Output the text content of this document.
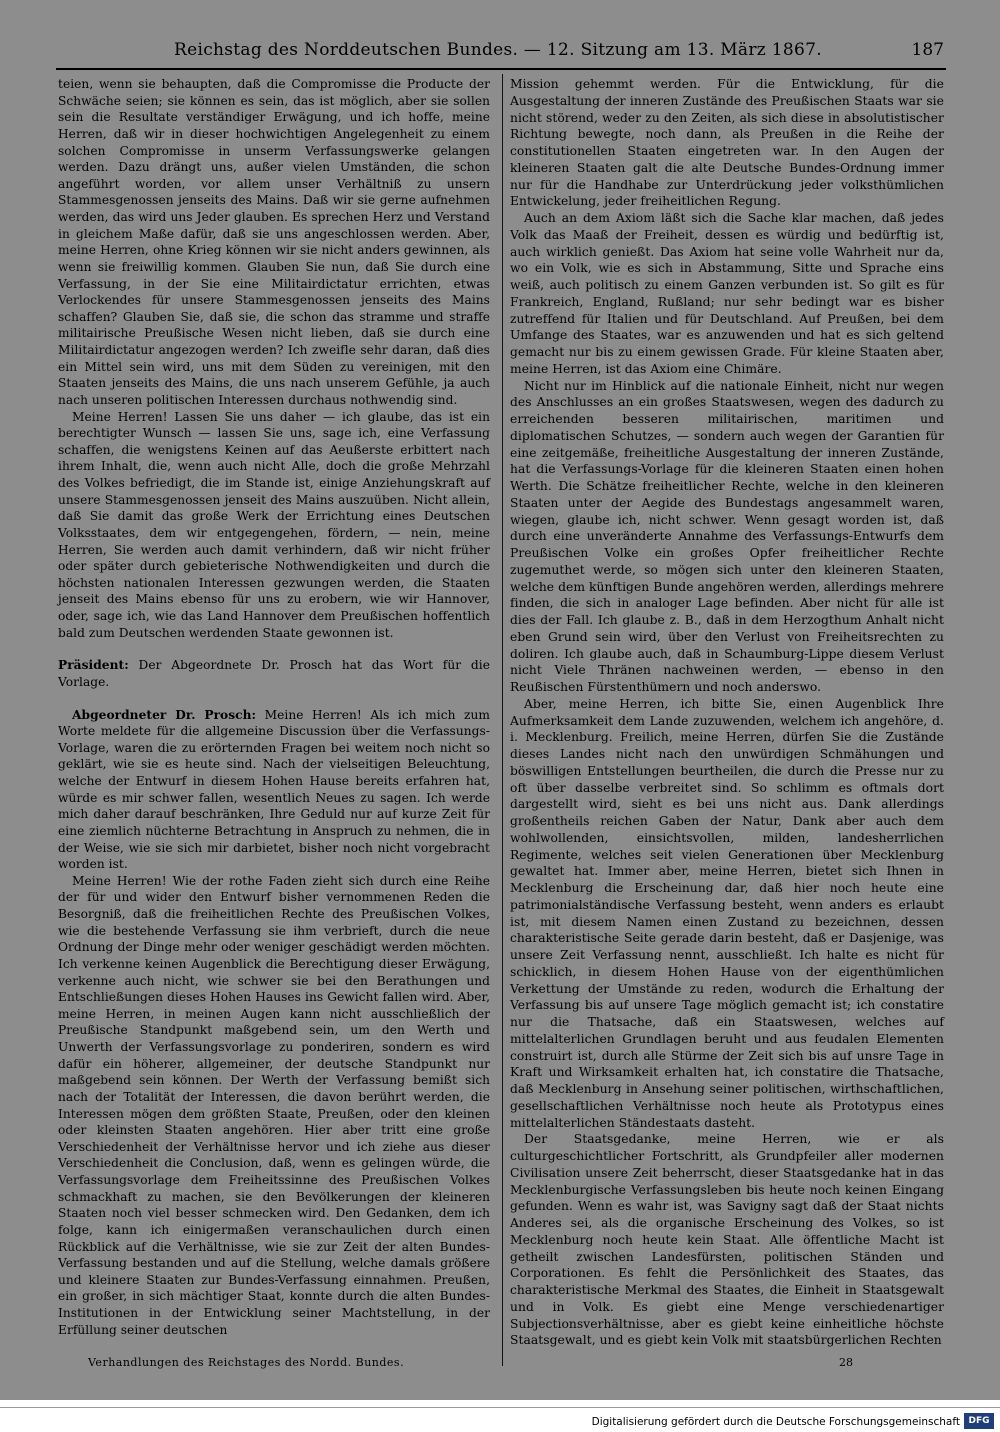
Reichstag des Norddeutschen Bundes. — 12. Sitzung am 13. März 1867.	187

teien, wenn sie behaupten, daß die Compromisse die Producte der Schwäche seien; sie können es sein, das ist möglich, aber sie sollen sein die Resultate verständiger Erwägung, und ich hoffe, meine Herren, daß wir in dieser hochwichtigen Angelegenheit zu einem solchen Compromisse in unserm Verfassungswerke gelangen werden. Dazu drängt uns, außer vielen Umständen, die schon angeführt worden, vor allem unser Verhältniß zu unsern Stammesgenossen jenseits des Mains. Daß wir sie gerne aufnehmen werden, das wird uns Jeder glauben. Es sprechen Herz und Verstand in gleichem Maße dafür, daß sie uns angeschlossen werden. Aber, meine Herren, ohne Krieg können wir sie nicht anders gewinnen, als wenn sie freiwillig kommen. Glauben Sie nun, daß Sie durch eine Verfassung, in der Sie eine Militairdictatur errichten, etwas Verlockendes für unsere Stammesgenossen jenseits des Mains schaffen? Glauben Sie, daß sie, die schon das stramme und straffe militairische Preußische Wesen nicht lieben, daß sie durch eine Militairdictatur angezogen werden? Ich zweifle sehr daran, daß dies ein Mittel sein wird, uns mit dem Süden zu vereinigen, mit den Staaten jenseits des Mains, die uns nach unserem Gefühle, ja auch nach unseren politischen Interessen durchaus nothwendig sind.

Meine Herren! Lassen Sie uns daher — ich glaube, das ist ein berechtigter Wunsch — lassen Sie uns, sage ich, eine Verfassung schaffen, die wenigstens Keinen auf das Aeußerste erbittert nach ihrem Inhalt, die, wenn auch nicht Alle, doch die große Mehrzahl des Volkes befriedigt, die im Stande ist, einige Anziehungskraft auf unsere Stammesgenossen jenseit des Mains auszuüben. Nicht allein, daß Sie damit das große Werk der Errichtung eines Deutschen Volksstaates, dem wir entgegengehen, fördern, — nein, meine Herren, Sie werden auch damit verhindern, daß wir nicht früher oder später durch gebieterische Nothwendigkeiten und durch die höchsten nationalen Interessen gezwungen werden, die Staaten jenseit des Mains ebenso für uns zu erobern, wie wir Hannover, oder, sage ich, wie das Land Hannover dem Preußischen hoffentlich bald zum Deutschen werdenden Staate gewonnen ist.

Präsident: Der Abgeordnete Dr. Prosch hat das Wort für die Vorlage.

Abgeordneter Dr. Prosch: Meine Herren! Als ich mich zum Worte meldete für die allgemeine Discussion über die Verfassungs-Vorlage, waren die zu erörternden Fragen bei weitem noch nicht so geklärt, wie sie es heute sind. Nach der vielseitigen Beleuchtung, welche der Entwurf in diesem Hohen Hause bereits erfahren hat, würde es mir schwer fallen, wesentlich Neues zu sagen. Ich werde mich daher darauf beschränken, Ihre Geduld nur auf kurze Zeit für eine ziemlich nüchterne Betrachtung in Anspruch zu nehmen, die in der Weise, wie sie sich mir darbietet, bisher noch nicht vorgebracht worden ist.

Meine Herren! Wie der rothe Faden zieht sich durch eine Reihe der für und wider den Entwurf bisher vernommenen Reden die Besorgniß, daß die freiheitlichen Rechte des Preußischen Volkes, wie die bestehende Verfassung sie ihm verbrieft, durch die neue Ordnung der Dinge mehr oder weniger geschädigt werden möchten. Ich verkenne keinen Augenblick die Berechtigung dieser Erwägung, verkenne auch nicht, wie schwer sie bei den Berathungen und Entschließungen dieses Hohen Hauses ins Gewicht fallen wird. Aber, meine Herren, in meinen Augen kann nicht ausschließlich der Preußische Standpunkt maßgebend sein, um den Werth und Unwerth der Verfassungsvorlage zu ponderiren, sondern es wird dafür ein höherer, allgemeiner, der deutsche Standpunkt nur maßgebend sein können. Der Werth der Verfassung bemißt sich nach der Totalität der Interessen, die davon berührt werden, die Interessen mögen dem größten Staate, Preußen, oder den kleinen oder kleinsten Staaten angehören. Hier aber tritt eine große Verschiedenheit der Verhältnisse hervor und ich ziehe aus dieser Verschiedenheit die Conclusion, daß, wenn es gelingen würde, die Verfassungsvorlage dem Freiheitssinne des Preußischen Volkes schmackhaft zu machen, sie den Bevölkerungen der kleineren Staaten noch viel besser schmecken wird. Den Gedanken, dem ich folge, kann ich einigermaßen veranschaulichen durch einen Rückblick auf die Verhältnisse, wie sie zur Zeit der alten Bundes-Verfassung bestanden und auf die Stellung, welche damals größere und kleinere Staaten zur Bundes-Verfassung einnahmen. Preußen, ein großer, in sich mächtiger Staat, konnte durch die alten Bundes-Institutionen in der Entwicklung seiner Machtstellung, in der Erfüllung seiner deutschen

Mission gehemmt werden. Für die Entwicklung, für die Ausgestaltung der inneren Zustände des Preußischen Staats war sie nicht störend, weder zu den Zeiten, als sich diese in absolutistischer Richtung bewegte, noch dann, als Preußen in die Reihe der constitutionellen Staaten eingetreten war. In den Augen der kleineren Staaten galt die alte Deutsche Bundes-Ordnung immer nur für die Handhabe zur Unterdrückung jeder volksthümlichen Entwickelung, jeder freiheitlichen Regung.

Auch an dem Axiom läßt sich die Sache klar machen, daß jedes Volk das Maaß der Freiheit, dessen es würdig und bedürftig ist, auch wirklich genießt. Das Axiom hat seine volle Wahrheit nur da, wo ein Volk, wie es sich in Abstammung, Sitte und Sprache eins weiß, auch politisch zu einem Ganzen verbunden ist. So gilt es für Frankreich, England, Rußland; nur sehr bedingt war es bisher zutreffend für Italien und für Deutschland. Auf Preußen, bei dem Umfange des Staates, war es anzuwenden und hat es sich geltend gemacht nur bis zu einem gewissen Grade. Für kleine Staaten aber, meine Herren, ist das Axiom eine Chimäre.

Nicht nur im Hinblick auf die nationale Einheit, nicht nur wegen des Anschlusses an ein großes Staatswesen, wegen des dadurch zu erreichenden besseren militairischen, maritimen und diplomatischen Schutzes, — sondern auch wegen der Garantien für eine zeitgemäße, freiheitliche Ausgestaltung der inneren Zustände, hat die Verfassungs-Vorlage für die kleineren Staaten einen hohen Werth. Die Schätze freiheitlicher Rechte, welche in den kleineren Staaten unter der Aegide des Bundestags angesammelt waren, wiegen, glaube ich, nicht schwer. Wenn gesagt worden ist, daß durch eine unveränderte Annahme des Verfassungs-Entwurfs dem Preußischen Volke ein großes Opfer freiheitlicher Rechte zugemuthet werde, so mögen sich unter den kleineren Staaten, welche dem künftigen Bunde angehören werden, allerdings mehrere finden, die sich in analoger Lage befinden. Aber nicht für alle ist dies der Fall. Ich glaube z. B., daß in dem Herzogthum Anhalt nicht eben Grund sein wird, über den Verlust von Freiheitsrechten zu doliren. Ich glaube auch, daß in Schaumburg-Lippe diesem Verlust nicht Viele Thränen nachweinen werden, — ebenso in den Reußischen Fürstenthümern und noch anderswo.

Aber, meine Herren, ich bitte Sie, einen Augenblick Ihre Aufmerksamkeit dem Lande zuzuwenden, welchem ich angehöre, d. i. Mecklenburg. Freilich, meine Herren, dürfen Sie die Zustände dieses Landes nicht nach den unwürdigen Schmähungen und böswilligen Entstellungen beurtheilen, die durch die Presse nur zu oft über dasselbe verbreitet sind. So schlimm es oftmals dort dargestellt wird, sieht es bei uns nicht aus. Dank allerdings großentheils reichen Gaben der Natur, Dank aber auch dem wohlwollenden, einsichtsvollen, milden, landesherrlichen Regimente, welches seit vielen Generationen über Mecklenburg gewaltet hat. Immer aber, meine Herren, bietet sich Ihnen in Mecklenburg die Erscheinung dar, daß hier noch heute eine patrimonialständische Verfassung besteht, wenn anders es erlaubt ist, mit diesem Namen einen Zustand zu bezeichnen, dessen charakteristische Seite gerade darin besteht, daß er Dasjenige, was unsere Zeit Verfassung nennt, ausschließt. Ich halte es nicht für schicklich, in diesem Hohen Hause von der eigenthümlichen Verkettung der Umstände zu reden, wodurch die Erhaltung der Verfassung bis auf unsere Tage möglich gemacht ist; ich constatire nur die Thatsache, daß ein Staatswesen, welches auf mittelalterlichen Grundlagen beruht und aus feudalen Elementen construirt ist, durch alle Stürme der Zeit sich bis auf unsre Tage in Kraft und Wirksamkeit erhalten hat, ich constatire die Thatsache, daß Mecklenburg in Ansehung seiner politischen, wirthschaftlichen, gesellschaftlichen Verhältnisse noch heute als Prototypus eines mittelalterlichen Ständestaats dasteht.

Der Staatsgedanke, meine Herren, wie er als culturgeschichtlicher Fortschritt, als Grundpfeiler aller modernen Civilisation unsere Zeit beherrscht, dieser Staatsgedanke hat in das Mecklenburgische Verfassungsleben bis heute noch keinen Eingang gefunden. Wenn es wahr ist, was Savigny sagt daß der Staat nichts Anderes sei, als die organische Erscheinung des Volkes, so ist Mecklenburg noch heute kein Staat. Alle öffentliche Macht ist getheilt zwischen Landesfürsten, politischen Ständen und Corporationen. Es fehlt die Persönlichkeit des Staates, das charakteristische Merkmal des Staates, die Einheit in Staatsgewalt und in Volk. Es giebt eine Menge verschiedenartiger Subjectionsverhältnisse, aber es giebt keine einheitliche höchste Staatsgewalt, und es giebt kein Volk mit staatsbürgerlichen Rechten

Verhandlungen des Reichstages des Nordd. Bundes.	28
Digitalisierung gefördert durch die Deutsche Forschungsgemeinschaft DFG
